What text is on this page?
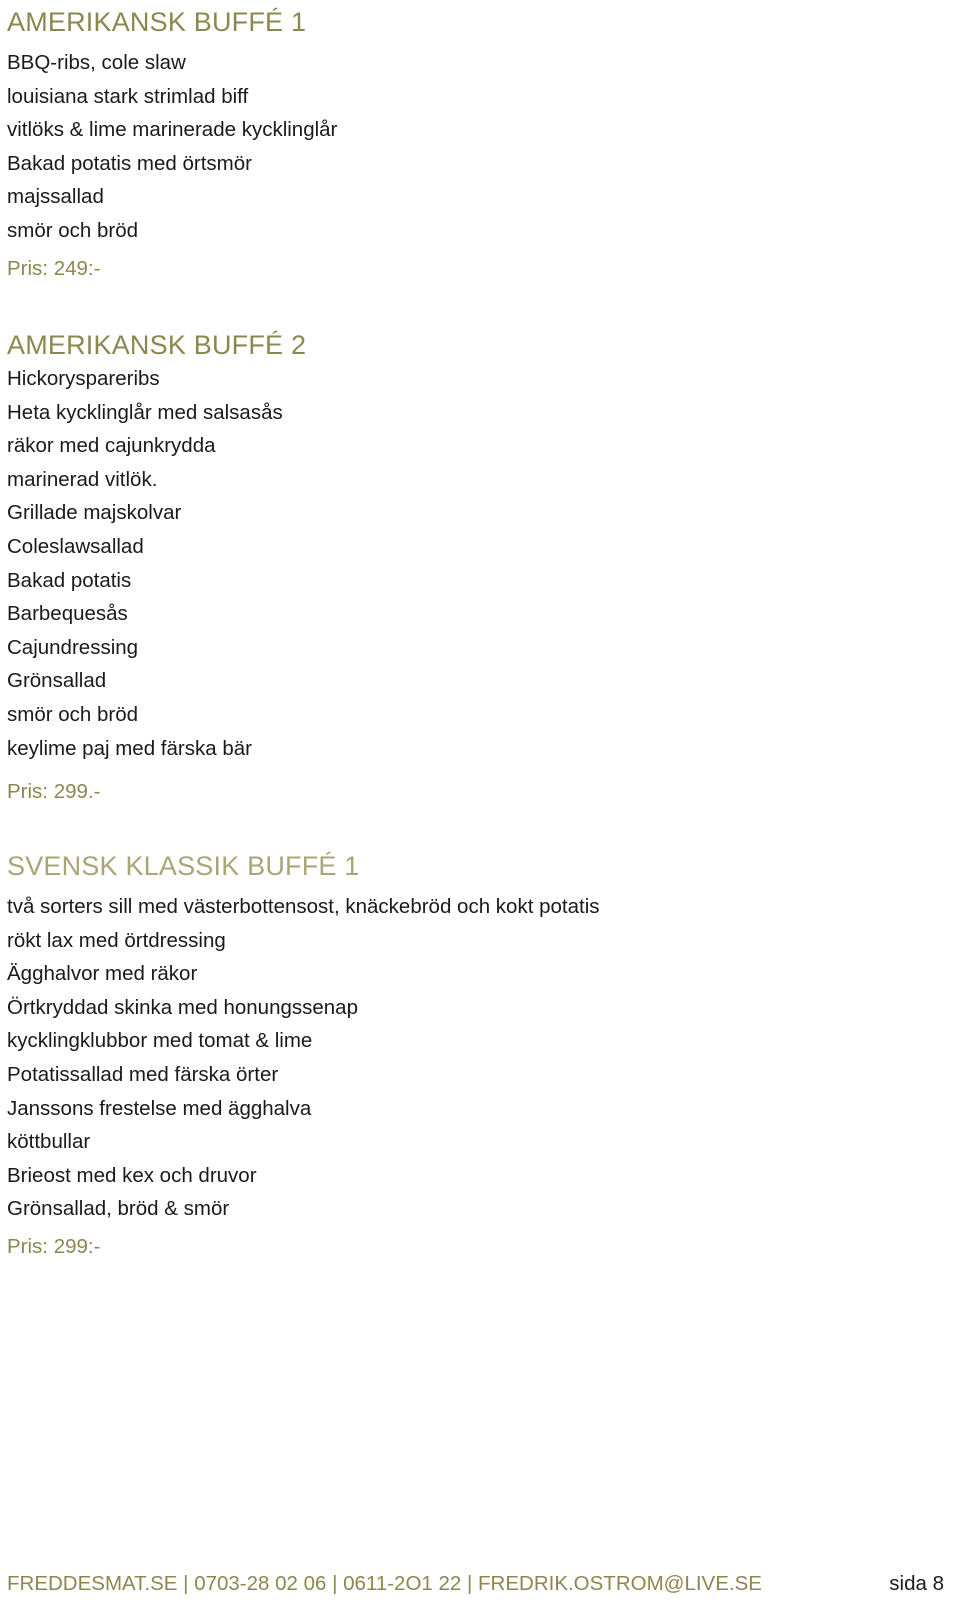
AMERIKANSK BUFFÉ 1
BBQ-ribs, cole slaw
louisiana stark strimlad biff
vitlöks & lime marinerade kycklinglår
Bakad potatis med örtsmör
majssallad
smör och bröd
Pris: 249:-
AMERIKANSK BUFFÉ 2
Hickoryspareribs
Heta kycklinglår med salsasås
räkor med cajunkrydda
marinerad vitlök.
Grillade majskolvar
Coleslawsallad
Bakad potatis
Barbequesås
Cajundressing
Grönsallad
smör och bröd
keylime paj med färska bär
Pris: 299.-
SVENSK KLASSIK BUFFÉ 1
två sorters sill med västerbottensost, knäckebröd och kokt potatis
rökt lax med örtdressing
Ägghalvor med räkor
Örtkryddad skinka med honungssenap
kycklingklubbor med tomat & lime
Potatissallad med färska örter
Janssons frestelse med ägghalva
köttbullar
Brieost med kex och druvor
Grönsallad, bröd & smör
Pris: 299:-
FREDDESMAT.SE | 0703-28 02 06 | 0611-2O1 22 | FREDRIK.OSTROM@LIVE.SE	sida 8
